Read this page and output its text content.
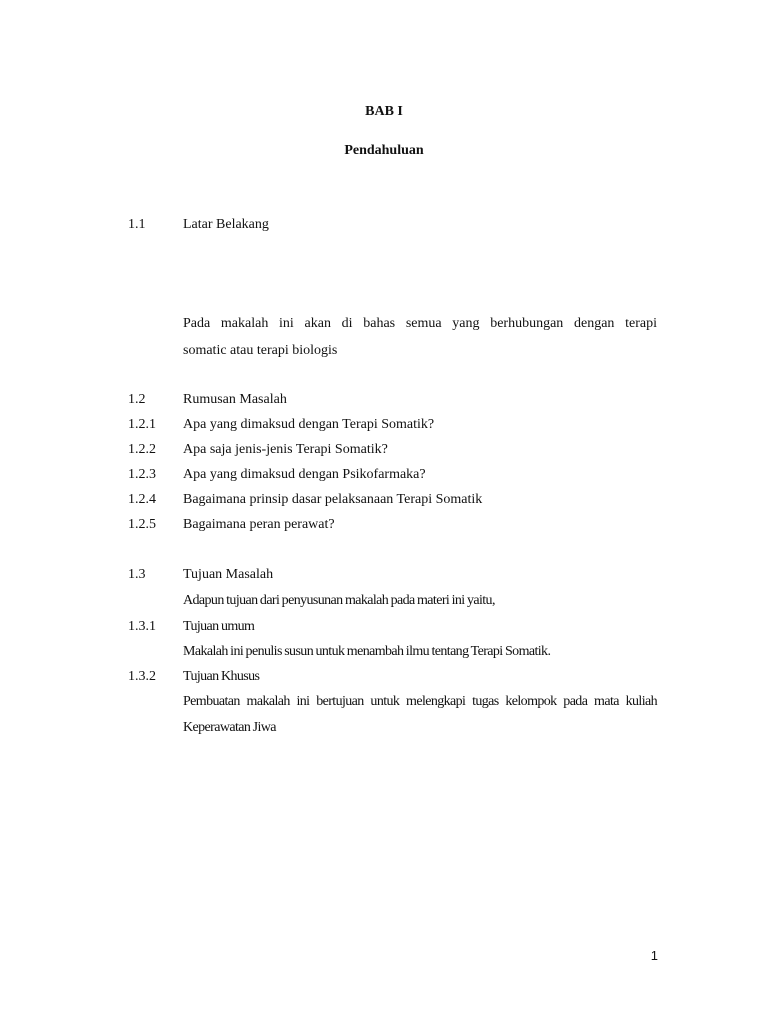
BAB I
Pendahuluan
1.1	Latar Belakang
Pada makalah ini akan di bahas semua yang berhubungan dengan terapi
somatic atau terapi biologis
1.2	Rumusan Masalah
1.2.1 Apa yang dimaksud dengan Terapi Somatik?
1.2.2 Apa saja jenis-jenis Terapi Somatik?
1.2.3 Apa yang dimaksud dengan Psikofarmaka?
1.2.4 Bagaimana prinsip dasar pelaksanaan Terapi Somatik
1.2.5 Bagaimana peran perawat?
1.3	Tujuan Masalah
Adapun tujuan dari penyusunan makalah pada materi ini yaitu,
1.3.1 Tujuan umum
Makalah ini penulis susun untuk menambah ilmu tentang Terapi Somatik.
1.3.2 Tujuan Khusus
Pembuatan makalah ini bertujuan untuk melengkapi tugas kelompok pada mata kuliah
Keperawatan Jiwa
1
